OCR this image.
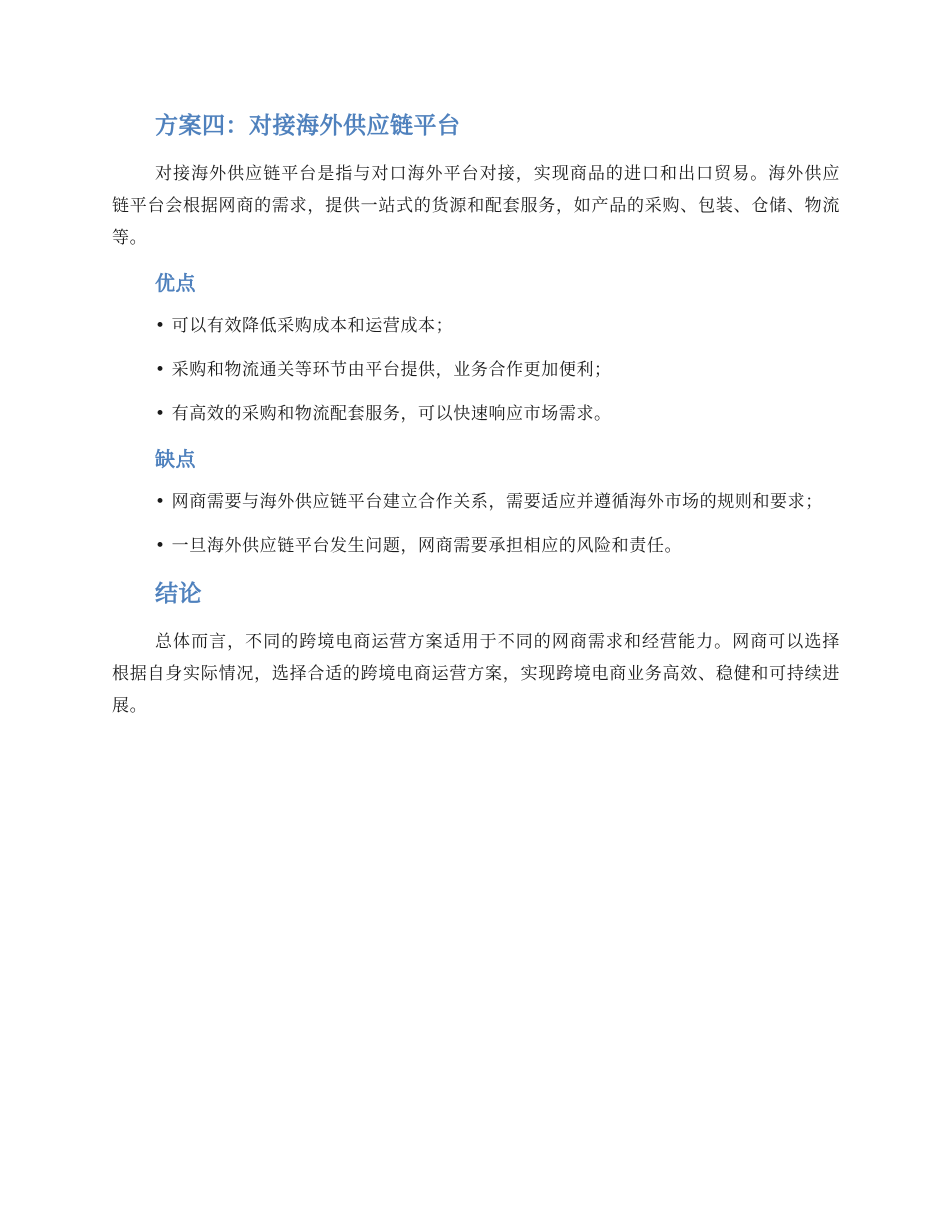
方案四：对接海外供应链平台

对接海外供应链平台是指与对口海外平台对接，实现商品的进口和出口贸易。海外供应链平台会根据网商的需求，提供一站式的货源和配套服务，如产品的采购、包装、仓储、物流等。

优点
• 可以有效降低采购成本和运营成本；
• 采购和物流通关等环节由平台提供，业务合作更加便利；
• 有高效的采购和物流配套服务，可以快速响应市场需求。
缺点
• 网商需要与海外供应链平台建立合作关系，需要适应并遵循海外市场的规则和要求；
• 一旦海外供应链平台发生问题，网商需要承担相应的风险和责任。
结论

总体而言，不同的跨境电商运营方案适用于不同的网商需求和经营能力。网商可以选择根据自身实际情况，选择合适的跨境电商运营方案，实现跨境电商业务高效、稳健和可持续进展。
